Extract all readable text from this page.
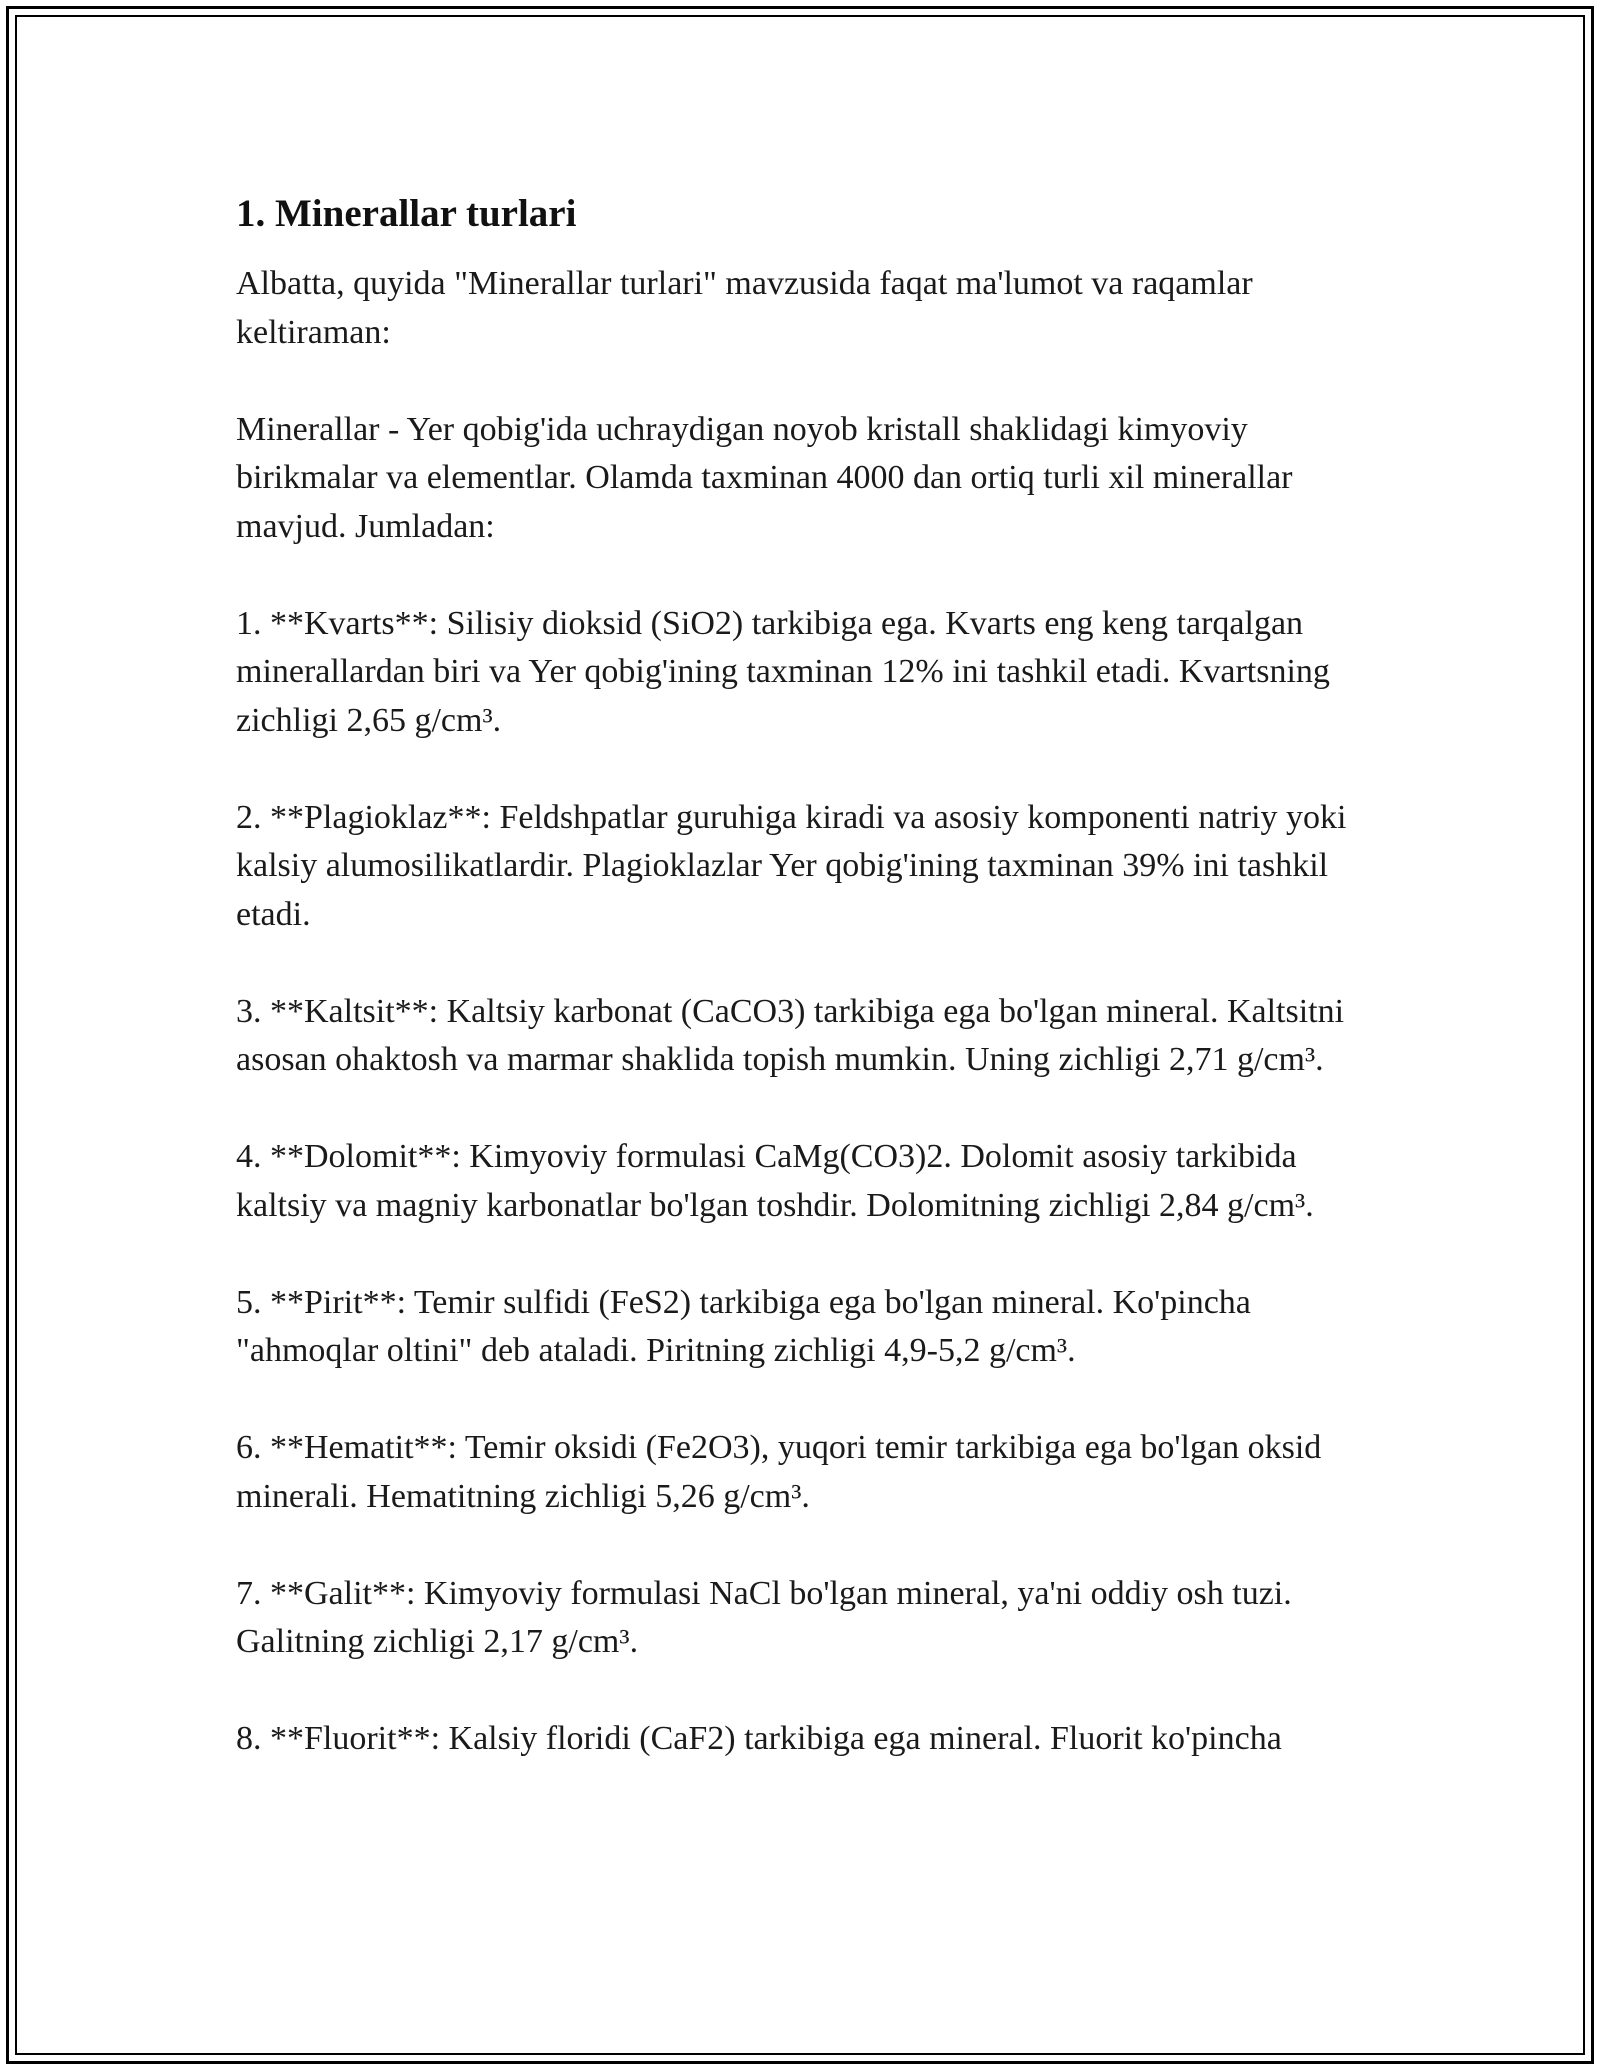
1. Minerallar turlari

Albatta, quyida "Minerallar turlari" mavzusida faqat ma'lumot va raqamlar keltiraman:

Minerallar - Yer qobig'ida uchraydigan noyob kristall shaklidagi kimyoviy birikmalar va elementlar. Olamda taxminan 4000 dan ortiq turli xil minerallar mavjud. Jumladan:

1. **Kvarts**: Silisiy dioksid (SiO2) tarkibiga ega. Kvarts eng keng tarqalgan minerallardan biri va Yer qobig'ining taxminan 12% ini tashkil etadi. Kvartsning zichligi 2,65 g/cm³.

2. **Plagioklaz**: Feldshpatlar guruhiga kiradi va asosiy komponenti natriy yoki kalsiy alumosilikatlardir. Plagioklazlar Yer qobig'ining taxminan 39% ini tashkil etadi.

3. **Kaltsit**: Kaltsiy karbonat (CaCO3) tarkibiga ega bo'lgan mineral. Kaltsitni asosan ohaktosh va marmar shaklida topish mumkin. Uning zichligi 2,71 g/cm³.

4. **Dolomit**: Kimyoviy formulasi CaMg(CO3)2. Dolomit asosiy tarkibida kaltsiy va magniy karbonatlar bo'lgan toshdir. Dolomitning zichligi 2,84 g/cm³.

5. **Pirit**: Temir sulfidi (FeS2) tarkibiga ega bo'lgan mineral. Ko'pincha "ahmoqlar oltini" deb ataladi. Piritning zichligi 4,9-5,2 g/cm³.

6. **Hematit**: Temir oksidi (Fe2O3), yuqori temir tarkibiga ega bo'lgan oksid minerali. Hematitning zichligi 5,26 g/cm³.

7. **Galit**: Kimyoviy formulasi NaCl bo'lgan mineral, ya'ni oddiy osh tuzi. Galitning zichligi 2,17 g/cm³.

8. **Fluorit**: Kalsiy floridi (CaF2) tarkibiga ega mineral. Fluorit ko'pincha
